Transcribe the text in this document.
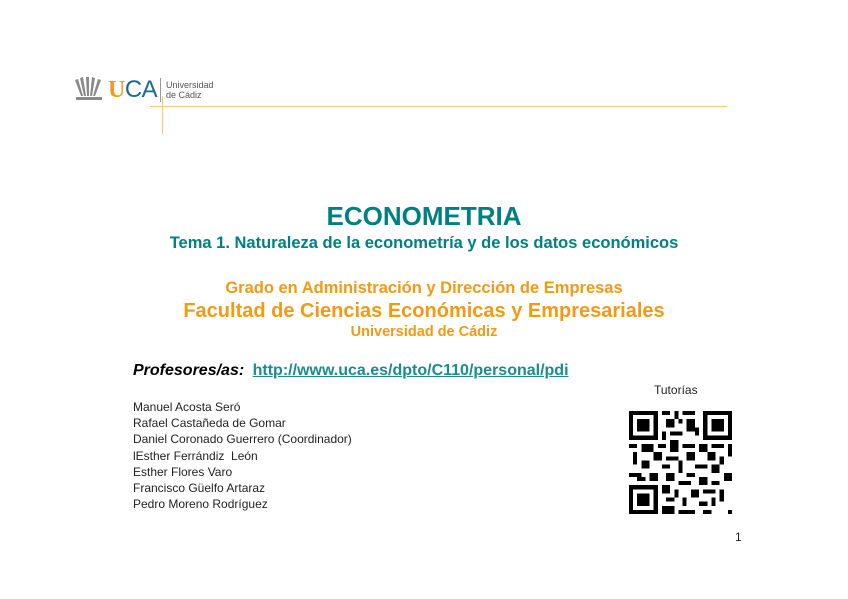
UCA Universidad
de Cádiz
ECONOMETRIA
Tema 1. Naturaleza de la econometría y de los datos económicos
Grado en Administración y Dirección de Empresas
Facultad de Ciencias Económicas y Empresariales
Universidad de Cádiz
Profesores/as: http://www.uca.es/dpto/C110/personal/pdi
Manuel Acosta Seró
Rafael Castañeda de Gomar
Daniel Coronado Guerrero (Coordinador)
lEsther Ferrándiz  León
Esther Flores Varo
Francisco Güelfo Artaraz
Pedro Moreno Rodríguez
Tutorías
1
